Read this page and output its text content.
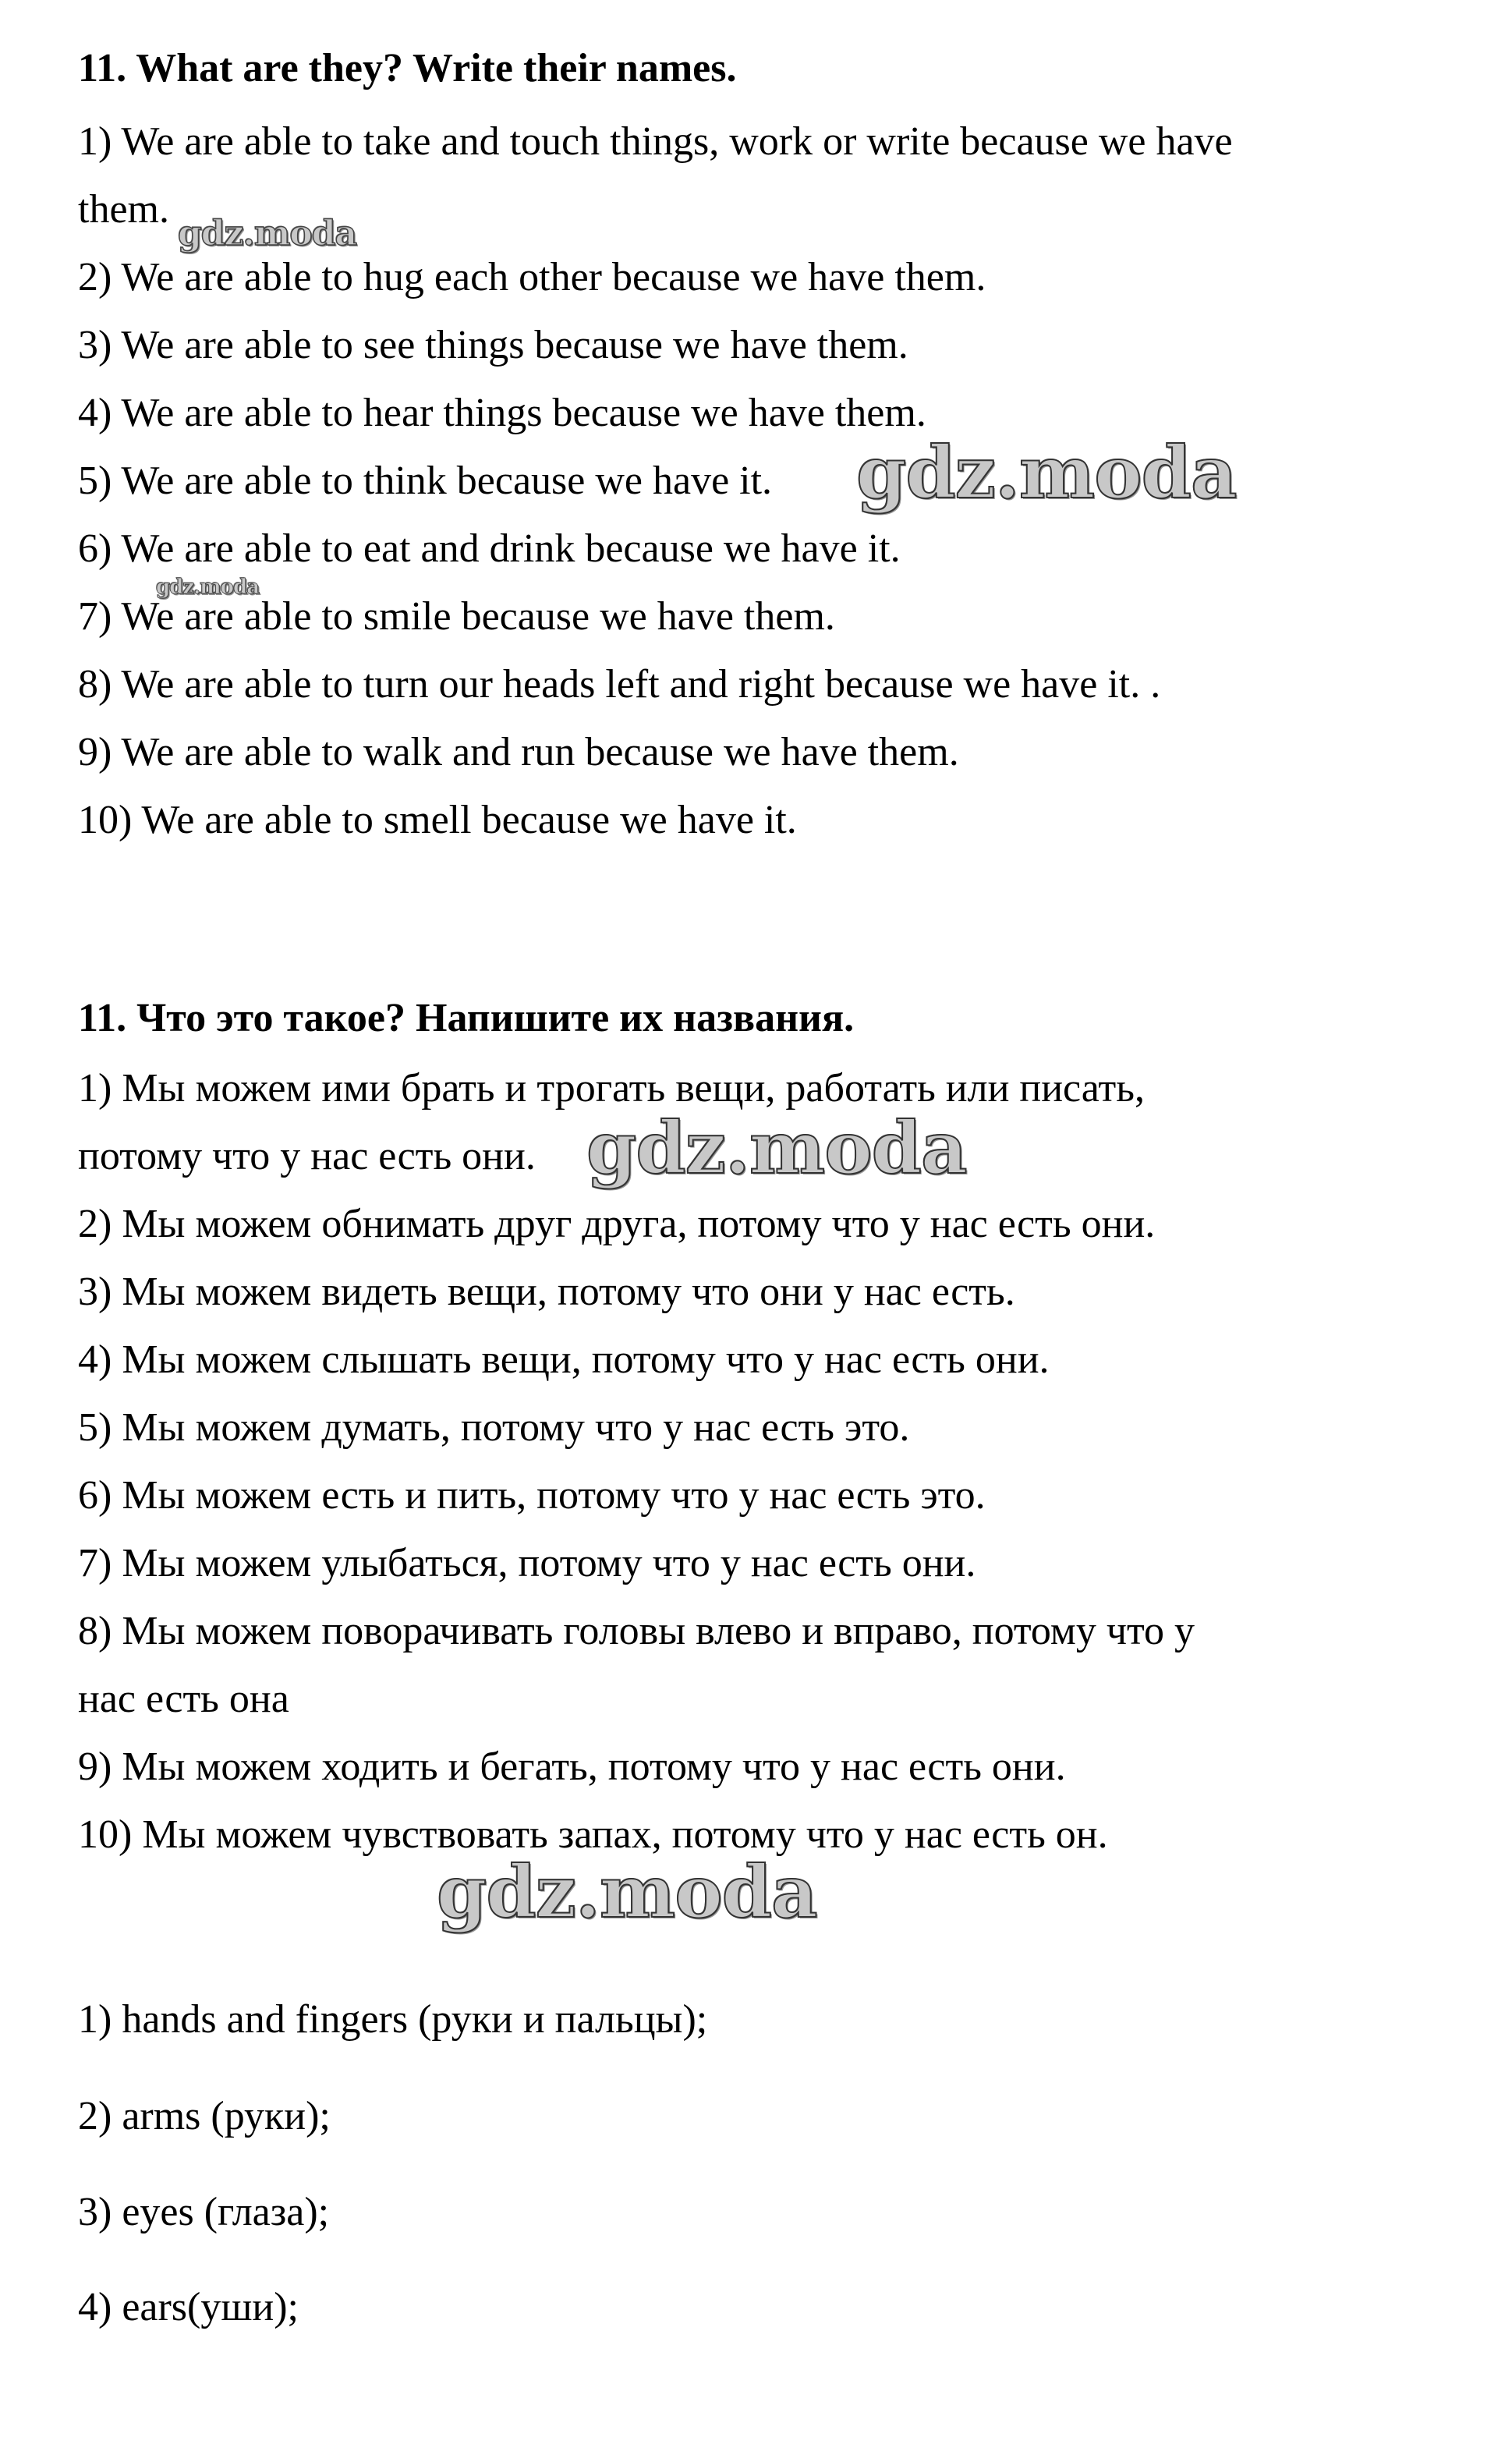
11. What are they? Write their names.
1) We are able to take and touch things, work or write because we have
them.
2) We are able to hug each other because we have them.
3) We are able to see things because we have them.
4) We are able to hear things because we have them.
5) We are able to think because we have it.
6) We are able to eat and drink because we have it.
7) We are able to smile because we have them.
8) We are able to turn our heads left and right because we have it. .
9) We are able to walk and run because we have them.
10) We are able to smell because we have it.
11. Что это такое? Напишите их названия.
1) Мы можем ими брать и трогать вещи, работать или писать,
потому что у нас есть они.
2) Мы можем обнимать друг друга, потому что у нас есть они.
3) Мы можем видеть вещи, потому что они у нас есть.
4) Мы можем слышать вещи, потому что у нас есть они.
5) Мы можем думать, потому что у нас есть это.
6) Мы можем есть и пить, потому что у нас есть это.
7) Мы можем улыбаться, потому что у нас есть они.
8) Мы можем поворачивать головы влево и вправо, потому что у
нас есть она
9) Мы можем ходить и бегать, потому что у нас есть они.
10) Мы можем чувствовать запах, потому что у нас есть он.
1) hands and fingers (руки и пальцы);
2) arms (руки);
3) eyes (глаза);
4) ears(уши);
gdz.moda
gdz.moda
gdz.moda
gdz.moda
gdz.moda
